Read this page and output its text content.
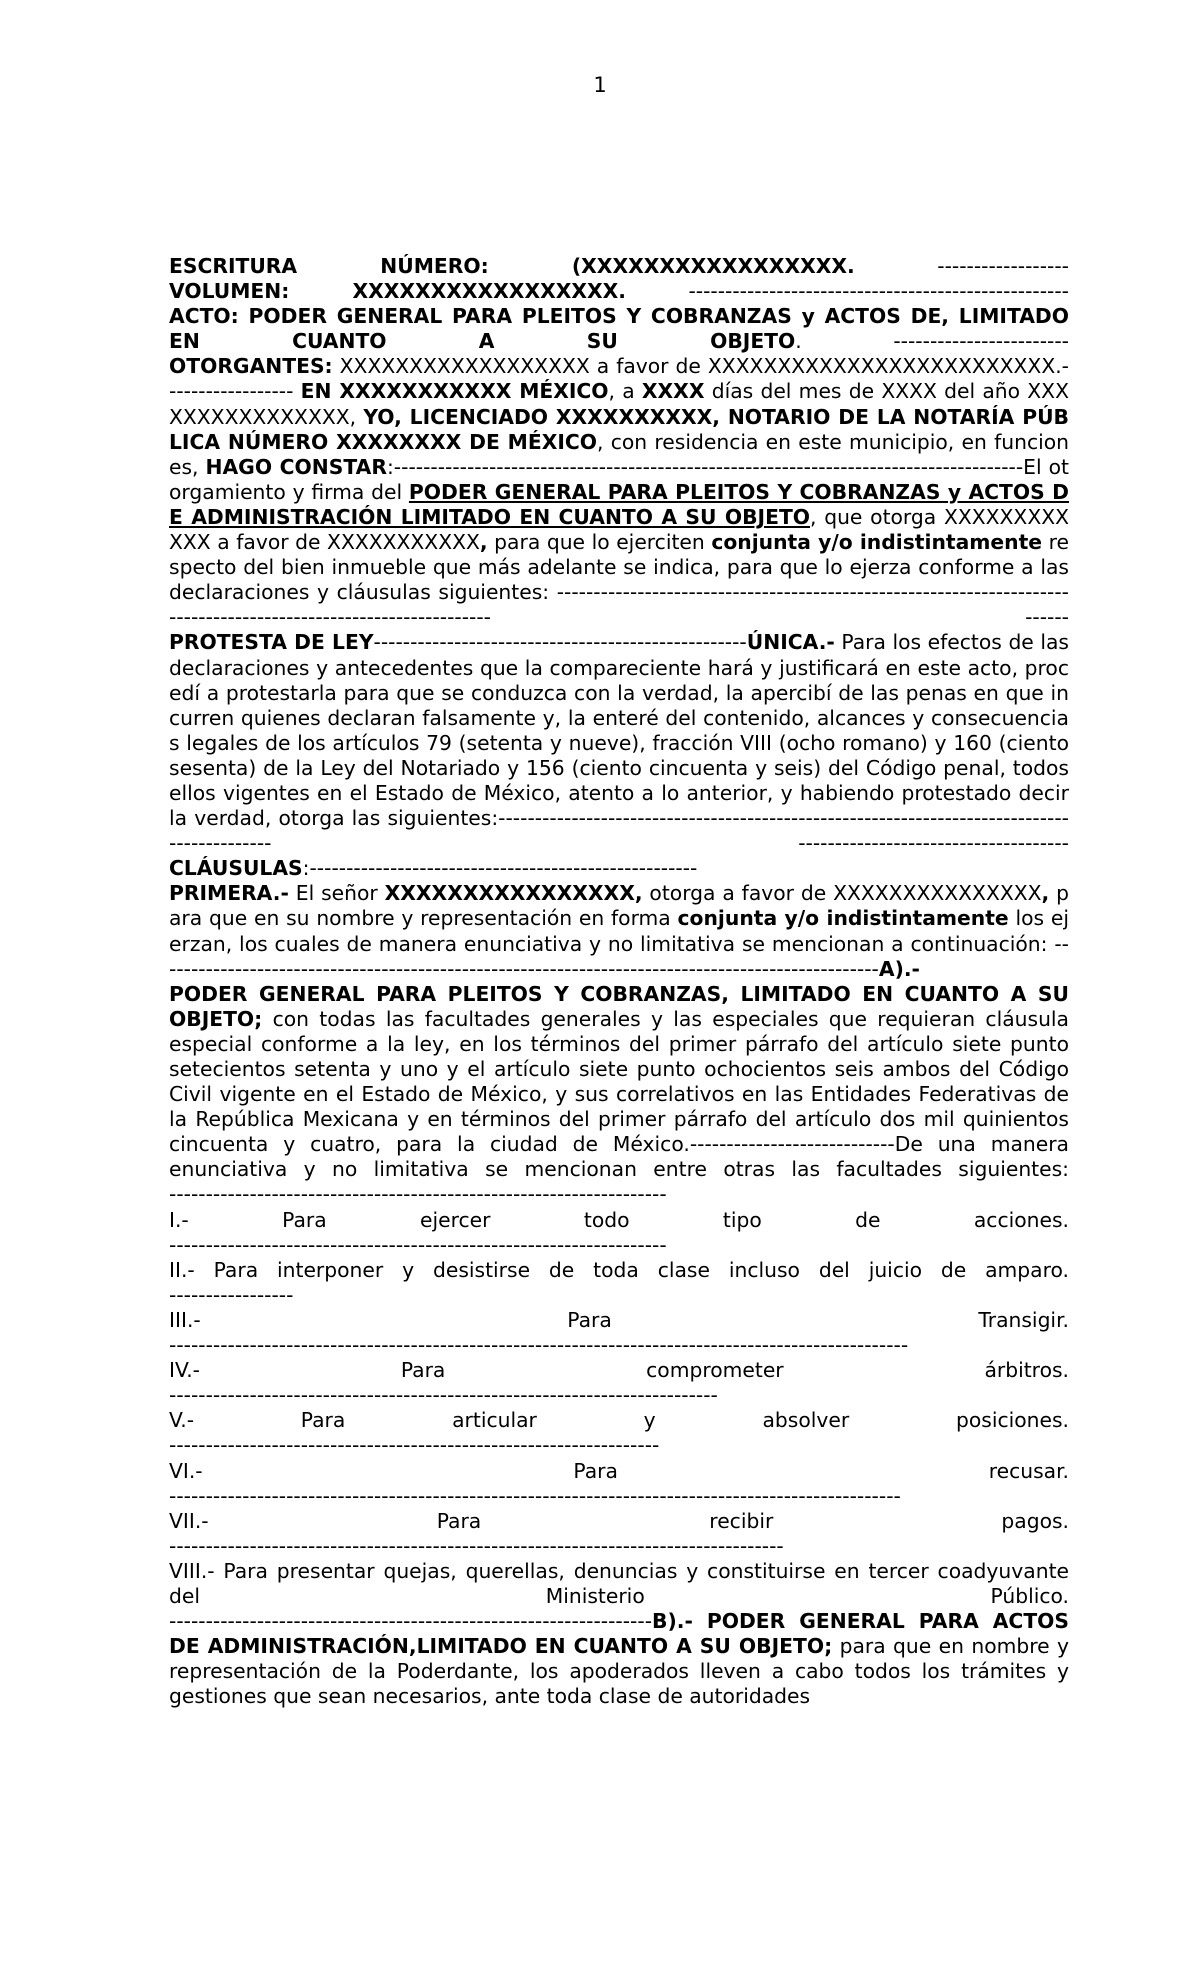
1

ESCRITURA NÚMERO: (XXXXXXXXXXXXXXXXX.	------------------

VOLUMEN: XXXXXXXXXXXXXXXXX.	----------------------------------------------------

ACTO: PODER GENERAL PARA PLEITOS Y COBRANZAS y ACTOS DE, LIMITADO EN CUANTO A SU OBJETO. ------------------------

OTORGANTES: XXXXXXXXXXXXXXXXXX a favor de XXXXXXXXXXXXXXXXXXXXXXXXX.------------------ EN XXXXXXXXXXX MÉXICO, a XXXX días del mes de XXXX del año XXXXXXXXXXXXXXXX, YO, LICENCIADO XXXXXXXXXX, NOTARIO DE LA NOTARÍA PÚBLICA NÚMERO XXXXXXXX DE MÉXICO, con residencia en este municipio, en funciones, HAGO CONSTAR:--------------------------------------------------------------------------------------El otorgamiento y firma del PODER GENERAL PARA PLEITOS Y COBRANZAS y ACTOS DE ADMINISTRACIÓN LIMITADO EN CUANTO A SU OBJETO, que otorga XXXXXXXXXXXX a favor de XXXXXXXXXXX, para que lo ejerciten conjunta y/o indistintamente respecto del bien inmueble que más adelante se indica, para que lo ejerza conforme a las declaraciones y cláusulas siguientes: ------------------------------------------------------------------------------------------------------------------ ------

PROTESTA DE LEY---------------------------------------------------ÚNICA.- Para los efectos de las declaraciones y antecedentes que la compareciente hará y justificará en este acto, procedí a protestarla para que se conduzca con la verdad, la apercibí de las penas en que incurren quienes declaran falsamente y, la enteré del contenido, alcances y consecuencias legales de los artículos 79 (setenta y nueve), fracción VIII (ocho romano) y 160 (ciento sesenta) de la Ley del Notariado y 156 (ciento cincuenta y seis) del Código penal, todos ellos vigentes en el Estado de México, atento a lo anterior, y habiendo protestado decir la verdad, otorga las siguientes:-------------------------------------------------------------------------------------------- -------------------------------------

CLÁUSULAS:-----------------------------------------------------

PRIMERA.- El señor XXXXXXXXXXXXXXXX, otorga a favor de XXXXXXXXXXXXXXX, para que en su nombre y representación en forma conjunta y/o indistintamente los ejerzan, los cuales de manera enunciativa y no limitativa se mencionan a continuación: ---------------------------------------------------------------------------------------------------A).-

PODER GENERAL PARA PLEITOS Y COBRANZAS, LIMITADO EN CUANTO A SU OBJETO; con todas las facultades generales y las especiales que requieran cláusula especial conforme a la ley, en los términos del primer párrafo del artículo siete punto setecientos setenta y uno y el artículo siete punto ochocientos seis ambos del Código Civil vigente en el Estado de México, y sus correlativos en las Entidades Federativas de la República Mexicana y en términos del primer párrafo del artículo dos mil quinientos cincuenta y cuatro, para la ciudad de México.----------------------------De una manera enunciativa y no limitativa se mencionan entre otras las facultades siguientes:

--------------------------------------------------------------------

I.- Para ejercer todo tipo de acciones.

--------------------------------------------------------------------

II.- Para interponer y desistirse de toda clase incluso del juicio de amparo.

-----------------

III.- Para Transigir.

-----------------------------------------------------------------------------------------------------

IV.- Para comprometer árbitros.

---------------------------------------------------------------------------

V.- Para articular y absolver posiciones.

-------------------------------------------------------------------

VI.- Para recusar.

----------------------------------------------------------------------------------------------------

VII.- Para recibir pagos.

------------------------------------------------------------------------------------

VIII.- Para presentar quejas, querellas, denuncias y constituirse en tercer coadyuvante del Ministerio Público.

------------------------------------------------------------------B).- PODER GENERAL PARA ACTOS DE ADMINISTRACIÓN,LIMITADO EN CUANTO A SU OBJETO; para que en nombre y representación de la Poderdante, los apoderados lleven a cabo todos los trámites y gestiones que sean necesarios, ante toda clase de autoridades
